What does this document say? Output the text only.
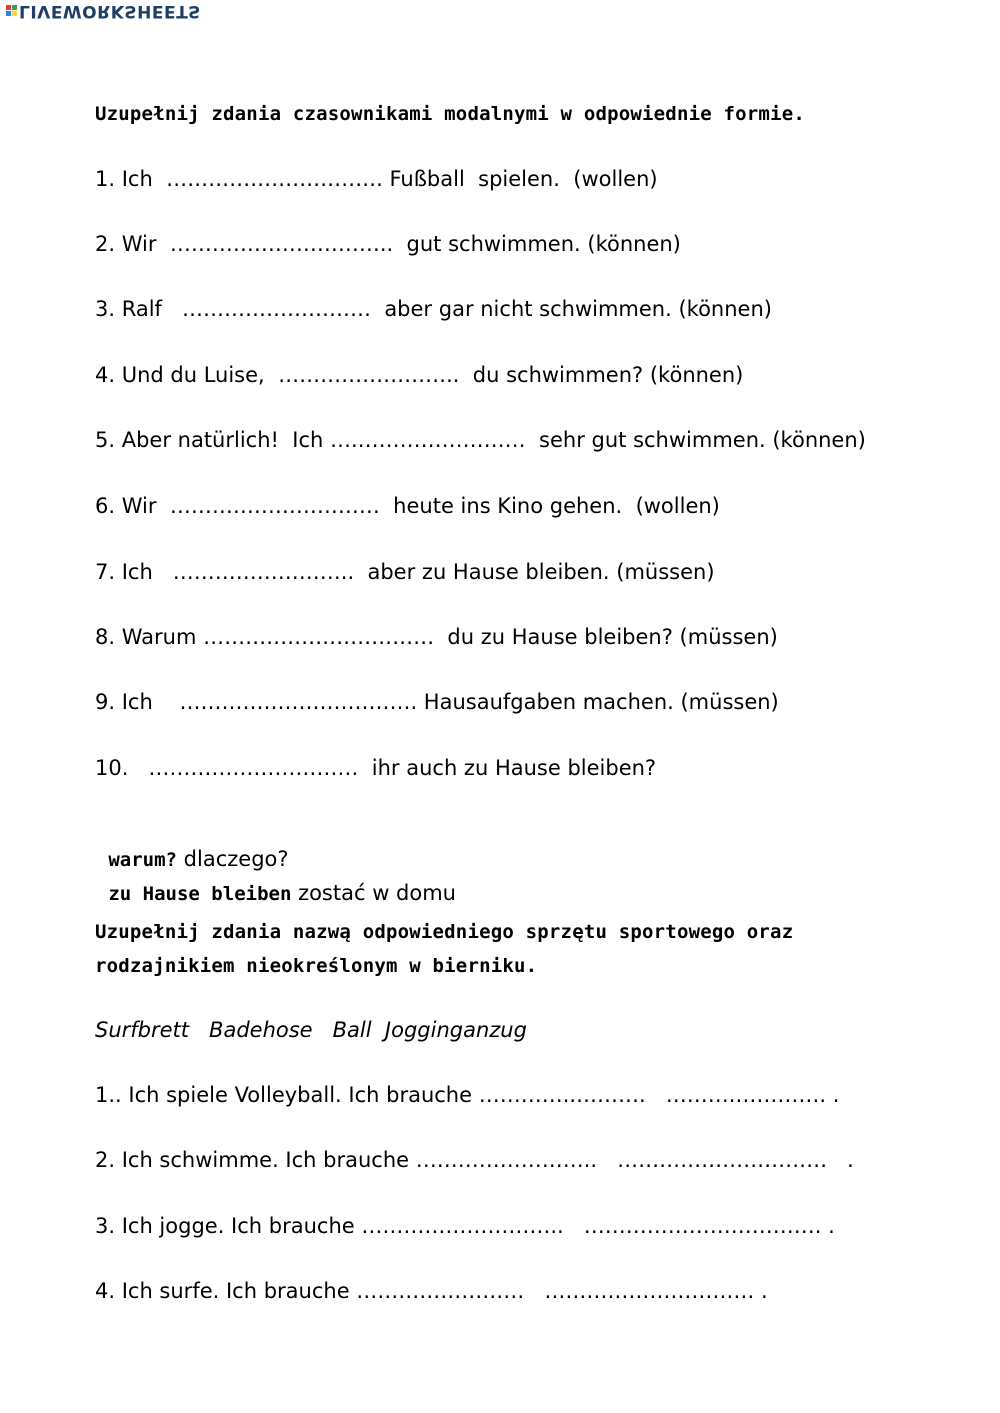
LIVEWORKSHEETS
Uzupełnij zdania czasownikami modalnymi w odpowiednie formie.
1. Ich  …………………………. Fußball  spielen.  (wollen)
2. Wir  …………………………..  gut schwimmen. (können)
3. Ralf   ………………………  aber gar nicht schwimmen. (können)
4. Und du Luise,  ……………………..  du schwimmen? (können)
5. Aber natürlich!  Ich ….……………………  sehr gut schwimmen. (können)
6. Wir  …………………………  heute ins Kino gehen.  (wollen)
7. Ich   ……………………..  aber zu Hause bleiben. (müssen)
8. Warum ……………………………  du zu Hause bleiben? (müssen)
9. Ich    ……………………………. Hausaufgaben machen. (müssen)
10.   …………………………  ihr auch zu Hause bleiben?

warum? dlaczego?

zu Hause bleiben zostać w domu

Uzupełnij zdania nazwą odpowiedniego sprzętu sportowego oraz
rodzajnikiem nieokreślonym w bierniku.
Surfbrett   Badehose   Ball  Jogginganzug
1.. Ich spiele Volleyball. Ich brauche …………..……….   ……….…………. .
2. Ich schwimme. Ich brauche ……………………..   …………………………   .
3. Ich jogge. Ich brauche ………………………..   ……………………………. .
4. Ich surfe. Ich brauche ……………………   ………………………… .
